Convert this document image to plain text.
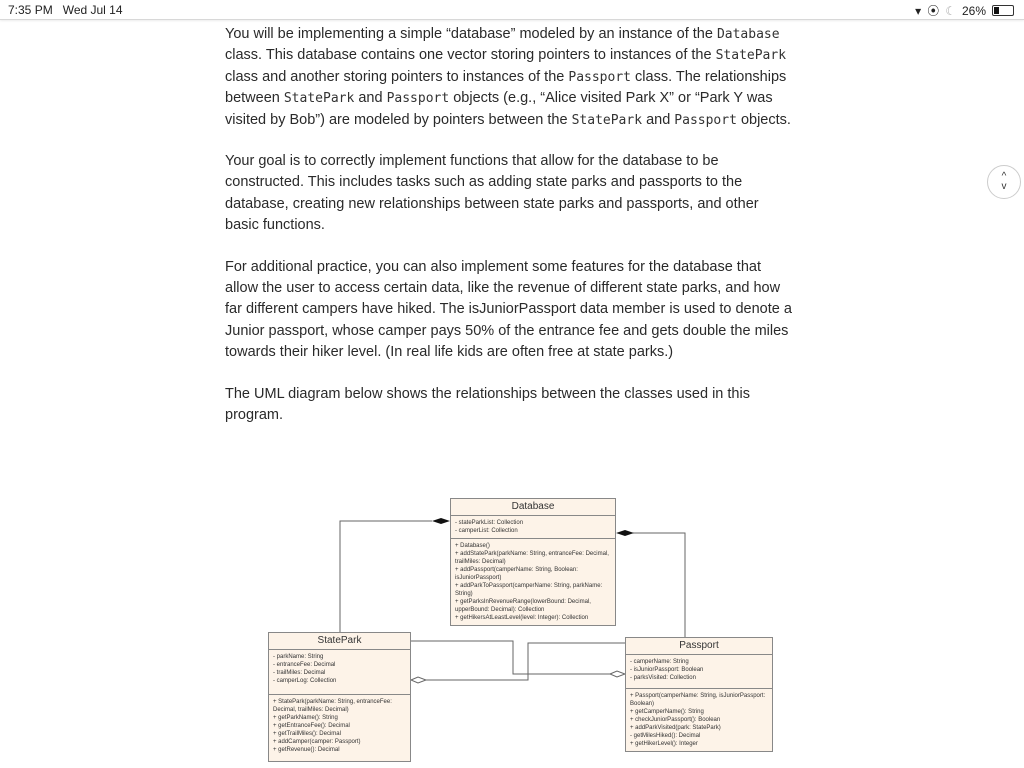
7:35 PM Wed Jul 14	▾ ⦿ ☾ 26%

You will be implementing a simple “database” modeled by an instance of the Database class. This database contains one vector storing pointers to instances of the StatePark class and another storing pointers to instances of the Passport class. The relationships between StatePark and Passport objects (e.g., “Alice visited Park X” or “Park Y was visited by Bob”) are modeled by pointers between the StatePark and Passport objects.

Your goal is to correctly implement functions that allow for the database to be constructed. This includes tasks such as adding state parks and passports to the database, creating new relationships between state parks and passports, and other basic functions.

For additional practice, you can also implement some features for the database that allow the user to access certain data, like the revenue of different state parks, and how far different campers have hiked. The isJuniorPassport data member is used to denote a Junior passport, whose camper pays 50% of the entrance fee and gets double the miles towards their hiker level. (In real life kids are often free at state parks.)

The UML diagram below shows the relationships between the classes used in this program.

^
v
Database
- stateParkList: Collection
- camperList: Collection
+ Database()
+ addStatePark(parkName: String, entranceFee: Decimal, trailMiles: Decimal)
+ addPassport(camperName: String, Boolean: isJuniorPassport)
+ addParkToPassport(camperName: String, parkName: String)
+ getParksInRevenueRange(lowerBound: Decimal, upperBound: Decimal): Collection
+ getHikersAtLeastLevel(level: Integer): Collection
StatePark
- parkName: String
- entranceFee: Decimal
- trailMiles: Decimal
- camperLog: Collection
+ StatePark(parkName: String, entranceFee: Decimal, trailMiles: Decimal)
+ getParkName(): String
+ getEntranceFee(): Decimal
+ getTrailMiles(): Decimal
+ addCamper(camper: Passport)
+ getRevenue(): Decimal
Passport
- camperName: String
- isJuniorPassport: Boolean
- parksVisited: Collection
+ Passport(camperName: String, isJuniorPassport: Boolean)
+ getCamperName(): String
+ checkJuniorPassport(): Boolean
+ addParkVisited(park: StatePark)
- getMilesHiked(): Decimal
+ getHikerLevel(): Integer
